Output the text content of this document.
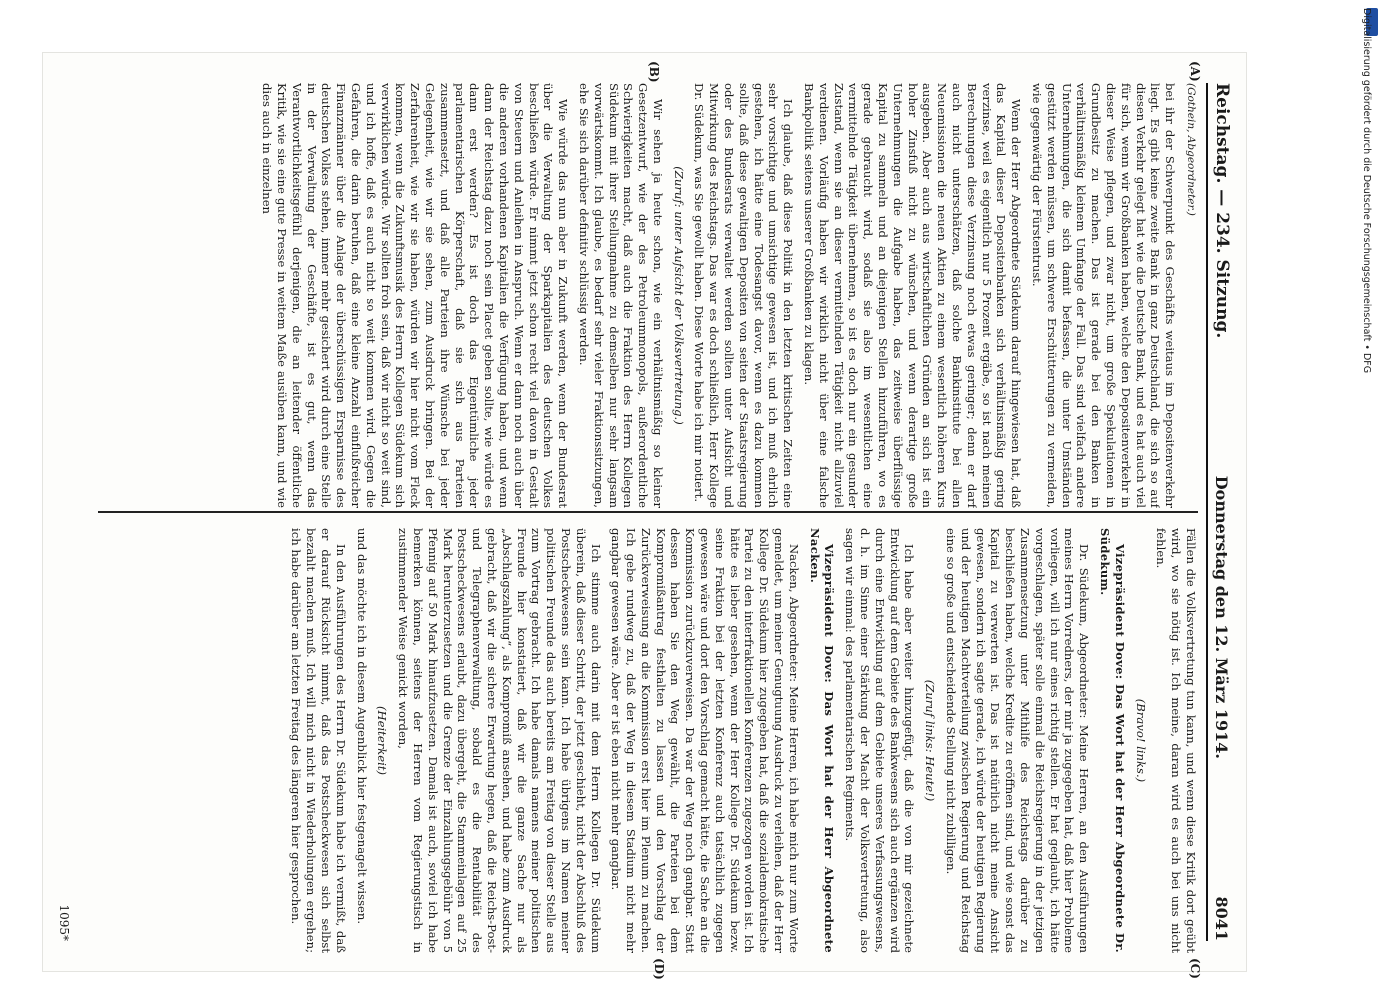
Digitalisierung gefördert durch die Deutsche Forschungsgemeinschaft • DFG
Reichstag. — 234. Sitzung.
Donnerstag den 12. März 1914.
8041
(A)
(B)
(C)
(D)

(Gothein, Abgeordneter.)

bei ihr der Schwerpunkt des Geschäfts weitaus im Depositenverkehr liegt. Es gibt keine zweite Bank in ganz Deutschland, die sich so auf diesen Verkehr gelegt hat wie die Deutsche Bank, und es hat auch viel für sich, wenn wir Großbanken haben, welche den Depositenverkehr in dieser Weise pflegen, und zwar nicht, um große Spekulationen in Grundbesitz zu machen. Das ist gerade bei den Banken in verhältnismäßig kleinem Umfange der Fall. Das sind vielfach andere Unternehmungen, die sich damit befassen, die unter Umständen gestützt werden müssen, um schwere Erschütterungen zu vermeiden, wie gegenwärtig der Fürstentrust.

Wenn der Herr Abgeordnete Südekum darauf hingewiesen hat, daß das Kapital dieser Depositenbanken sich verhältnismäßig gering verzinse, weil es eigentlich nur 5 Prozent ergäbe, so ist nach meinen Berechnungen diese Verzinsung noch etwas geringer; denn er darf auch nicht unterschätzen, daß solche Bankinstitute bei allen Neuemissionen die neuen Aktien zu einem wesentlich höheren Kurs ausgeben. Aber auch aus wirtschaftlichen Gründen an sich ist ein hoher Zinsfuß nicht zu wünschen, und wenn derartige große Unternehmungen die Aufgabe haben, das zeitweise überflüssige Kapital zu sammeln und an diejenigen Stellen hinzuführen, wo es gerade gebraucht wird, sodaß sie also im wesentlichen eine vermittelnde Tätigkeit übernehmen, so ist es doch nur ein gesunder Zustand, wenn sie an dieser vermittelnden Tätigkeit nicht allzuviel verdienen. Vorläufig haben wir wirklich nicht über eine falsche Bankpolitik seitens unserer Großbanken zu klagen.

Ich glaube, daß diese Politik in den letzten kritischen Zeiten eine sehr vorsichtige und umsichtige gewesen ist, und ich muß ehrlich gestehen, ich hätte eine Todesangst davor, wenn es dazu kommen sollte, daß diese gewaltigen Depositen von seiten der Staatsregierung oder des Bundesrats verwaltet werden sollten unter Aufsicht und Mitwirkung des Reichstags. Das war es doch schließlich, Herr Kollege Dr. Südekum, was Sie gewollt haben. Diese Worte habe ich mir notiert.

(Zuruf: unter Aufsicht der Volksvertretung.)

Wir sehen ja heute schon, wie ein verhältnismäßig so kleiner Gesetzentwurf, wie der des Petroleummonopols, außerordentliche Schwierigkeiten macht, daß auch die Fraktion des Herrn Kollegen Südekum mit ihrer Stellungnahme zu demselben nur sehr langsam vorwärtskommt. Ich glaube, es bedarf sehr vieler Fraktionssitzungen, ehe Sie sich darüber definitiv schlüssig werden.

Wie würde das nun aber in Zukunft werden, wenn der Bundesrat über die Verwaltung der Sparkapitalien des deutschen Volkes beschließen würde. Er nimmt jetzt schon recht viel davon in Gestalt von Steuern und Anleihen in Anspruch. Wenn er dann noch auch über die anderen vorhandenen Kapitalien die Verfügung haben, und wenn dann der Reichstag dazu noch sein Placet geben sollte, wie würde es dann erst werden? Es ist doch das Eigentümliche jeder parlamentarischen Körperschaft, daß sie sich aus Parteien zusammensetzt, und daß alle Parteien ihre Wünsche bei jeder Gelegenheit, wie wir sie sehen, zum Ausdruck bringen. Bei der Zerfahrenheit, wie wir sie haben, würden wir hier nicht vom Fleck kommen, wenn die Zukunftsmusik des Herrn Kollegen Südekum sich verwirklichen würde. Wir sollten froh sein, daß wir nicht so weit sind, und ich hoffe, daß es auch nicht so weit kommen wird. Gegen die Gefahren, die darin beruhen, daß eine kleine Anzahl einflußreicher Finanzmänner über die Anlage der überschüssigen Ersparnisse des deutschen Volkes stehen, immer mehr gesichert wird durch eine Stelle in der Verwaltung der Geschäfte, ist es gut, wenn das Verantwortlichkeitsgefühl derjenigen, die an leitender öffentliche Kritik, wie sie eine gute Presse in weitem Maße ausüben kann, und wie dies auch in einzelnen

Fällen die Volksvertretung tun kann, und wenn diese Kritik dort geübt wird, wo sie nötig ist. Ich meine, daran wird es auch bei uns nicht fehlen.

(Bravo! links.)

Vizepräsident Dove: Das Wort hat der Herr Abgeordnete Dr. Südekum.

Dr. Südekum, Abgeordneter: Meine Herren, an den Ausführungen meines Herrn Vorredners, der mir ja zugegeben hat, daß hier Probleme vorliegen, will ich nur eines richtig stellen. Er hat geglaubt, ich hätte vorgeschlagen, später solle einmal die Reichsregierung in der jetzigen Zusammensetzung unter Mithilfe des Reichstags darüber zu beschließen haben, welche Kredite zu eröffnen sind, und wie sonst das Kapital zu verwerten ist. Das ist natürlich nicht meine Ansicht gewesen, sondern ich sagte gerade, ich würde der heutigen Regierung und der heutigen Machtverteilung zwischen Regierung und Reichstag eine so große und entscheidende Stellung nicht zubilligen.

(Zuruf links: Heute!)

Ich habe aber weiter hinzugefügt, daß die von mir gezeichnete Entwicklung auf dem Gebiete des Bankwesens sich auch ergänzen wird durch eine Entwicklung auf dem Gebiete unseres Verfassungswesens, d. h. im Sinne einer Stärkung der Macht der Volksvertretung, also sagen wir einmal: des parlamentarischen Regiments.

Vizepräsident Dove: Das Wort hat der Herr Abgeordnete Nacken.

Nacken, Abgeordneter: Meine Herren, ich habe mich nur zum Worte gemeldet, um meiner Genugtuung Ausdruck zu verleihen, daß der Herr Kollege Dr. Südekum hier zugegeben hat, daß die sozialdemokratische Partei zu den interfraktionellen Konferenzen zugezogen worden ist. Ich hätte es lieber gesehen, wenn der Herr Kollege Dr. Südekum bezw. seine Fraktion bei der letzten Konferenz auch tatsächlich zugegen gewesen wäre und dort den Vorschlag gemacht hätte, die Sache an die Kommission zurückzuverweisen. Da war der Weg noch gangbar. Statt dessen haben Sie den Weg gewählt, die Parteien bei dem Kompromißantrag festhalten zu lassen und den Vorschlag der Zurückverweisung an die Kommission erst hier im Plenum zu machen. Ich gebe rundweg zu, daß der Weg in diesem Stadium nicht mehr gangbar gewesen wäre. Aber er ist eben nicht mehr gangbar.

Ich stimme auch darin mit dem Herrn Kollegen Dr. Südekum überein, daß dieser Schritt, der jetzt geschieht, nicht der Abschluß des Postscheckwesens sein kann. Ich habe übrigens im Namen meiner politischen Freunde das auch bereits am Freitag von dieser Stelle aus zum Vortrag gebracht. Ich habe damals namens meiner politischen Freunde hier konstatiert, daß wir die ganze Sache nur als „Abschlagszahlung“, als Kompromiß ansehen, und habe zum Ausdruck gebracht, daß wir die sichere Erwartung hegen, daß die Reichs-Post- und Telegraphenverwaltung, sobald es die Rentabilität des Postscheckwesens erlaubt, dazu übergeht, die Stammeinlagen auf 25 Mark herunterzusetzen und die Grenze der Einzahlungsgebühr von 5 Pfennig auf 50 Mark hinaufzusetzen. Damals ist auch, soviel ich habe bemerken können, seitens der Herren vom Regierungstisch in zustimmender Weise genickt worden,

(Heiterkeit)

und das möchte ich in diesem Augenblick hier festgenagelt wissen.

In den Ausführungen des Herrn Dr. Südekum habe ich vermißt, daß er darauf Rücksicht nimmt, daß das Postscheckwesen sich selbst bezahlt machen muß. Ich will mich nicht in Wiederholungen ergehen; ich habe darüber am letzten Freitag des längeren hier gesprochen.

1095*
